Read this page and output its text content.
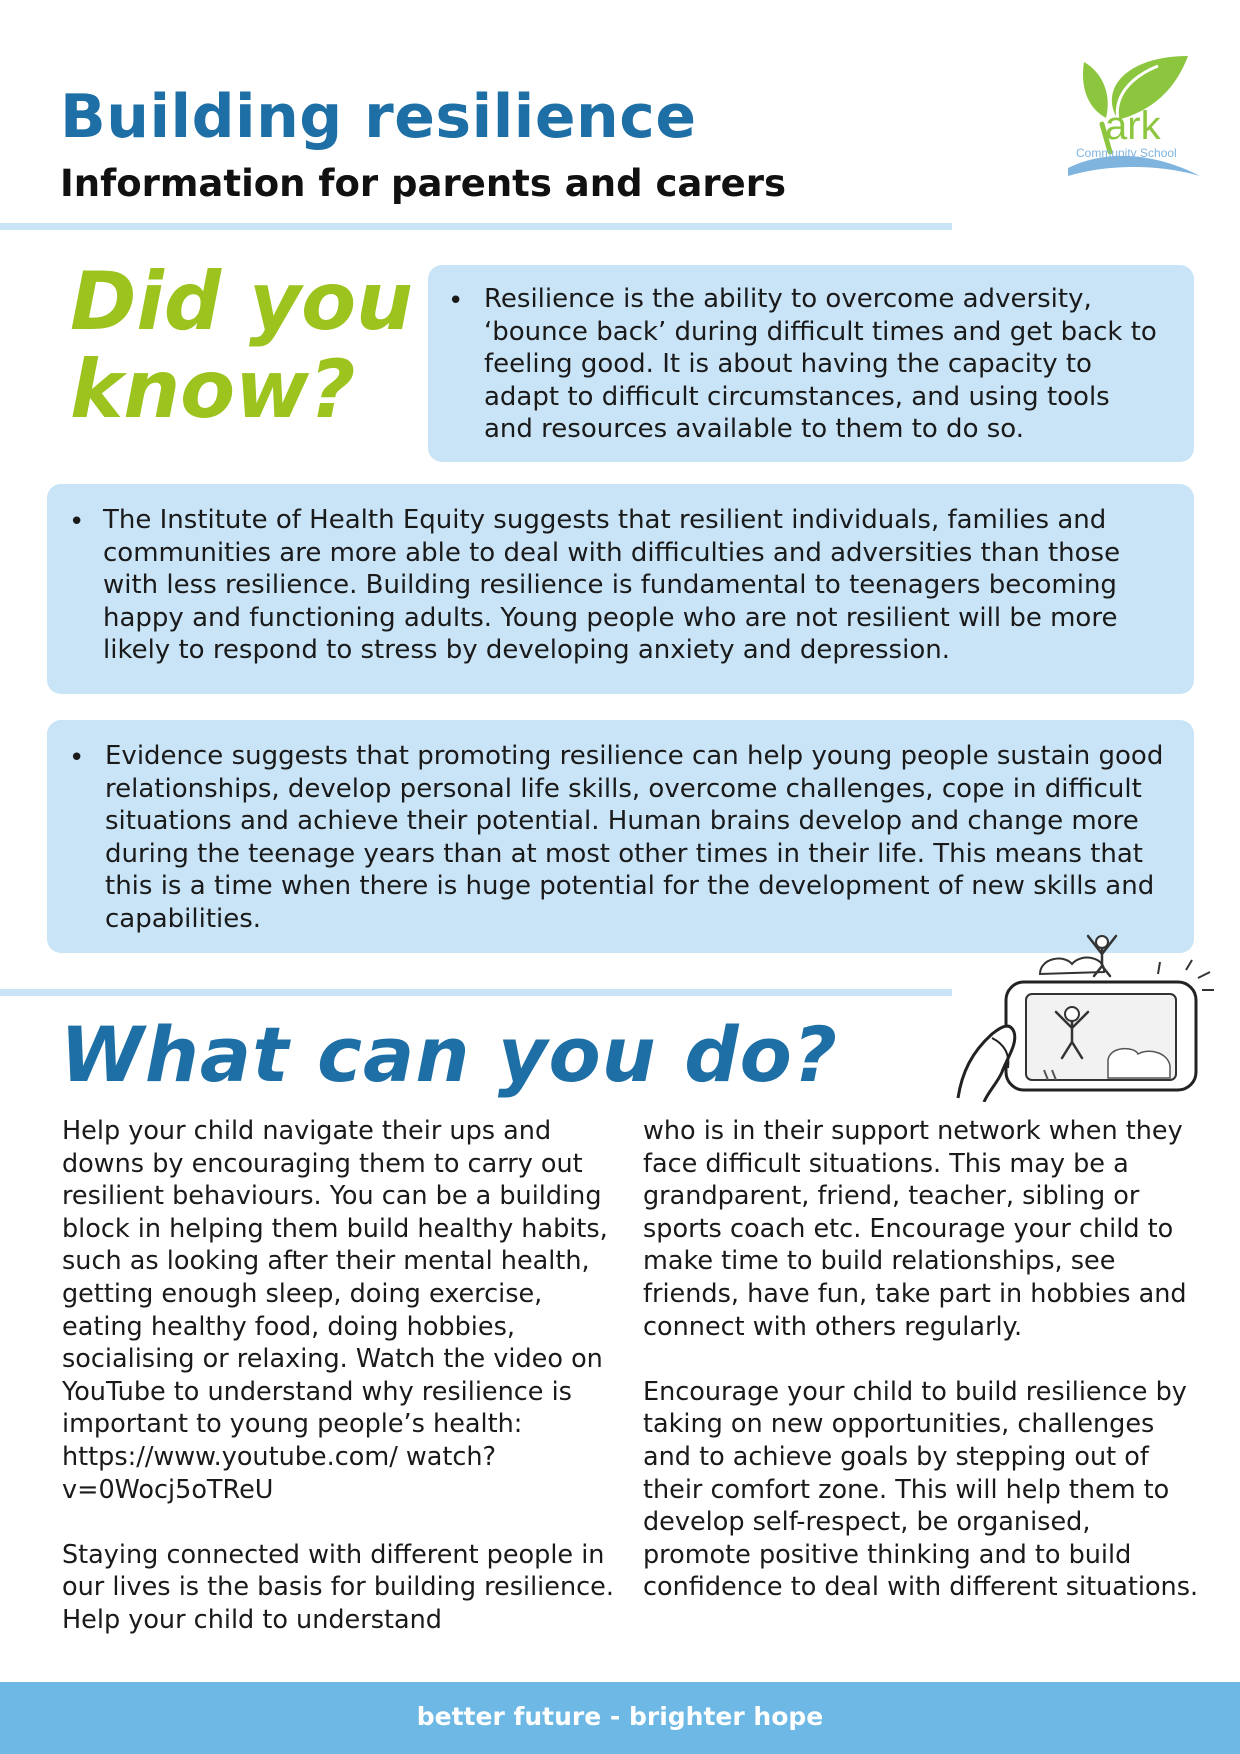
Building resilience
Information for parents and carers
ark
Community School
Did you
know?
• Resilience is the ability to overcome adversity, ‘bounce back’ during difficult times and get back to feeling good. It is about having the capacity to adapt to difficult circumstances, and using tools and resources available to them to do so.
• The Institute of Health Equity suggests that resilient individuals, families and communities are more able to deal with difficulties and adversities than those with less resilience. Building resilience is fundamental to teenagers becoming happy and functioning adults. Young people who are not resilient will be more likely to respond to stress by developing anxiety and depression.
• Evidence suggests that promoting resilience can help young people sustain good relationships, develop personal life skills, overcome challenges, cope in difficult situations and achieve their potential. Human brains develop and change more during the teenage years than at most other times in their life. This means that this is a time when there is huge potential for the development of new skills and capabilities.
What can you do?

Help your child navigate their ups and downs by encouraging them to carry out resilient behaviours. You can be a building block in helping them build healthy habits, such as looking after their mental health, getting enough sleep, doing exercise, eating healthy food, doing hobbies, socialising or relaxing. Watch the video on YouTube to understand why resilience is important to young people’s health: https://www.youtube.com/ watch?v=0Wocj5oTReU

Staying connected with different people in our lives is the basis for building resilience. Help your child to understand

who is in their support network when they face difficult situations. This may be a grandparent, friend, teacher, sibling or sports coach etc. Encourage your child to make time to build relationships, see friends, have fun, take part in hobbies and connect with others regularly.

Encourage your child to build resilience by taking on new opportunities, challenges and to achieve goals by stepping out of their comfort zone. This will help them to develop self-respect, be organised, promote positive thinking and to build confidence to deal with different situations.

better future - brighter hope
